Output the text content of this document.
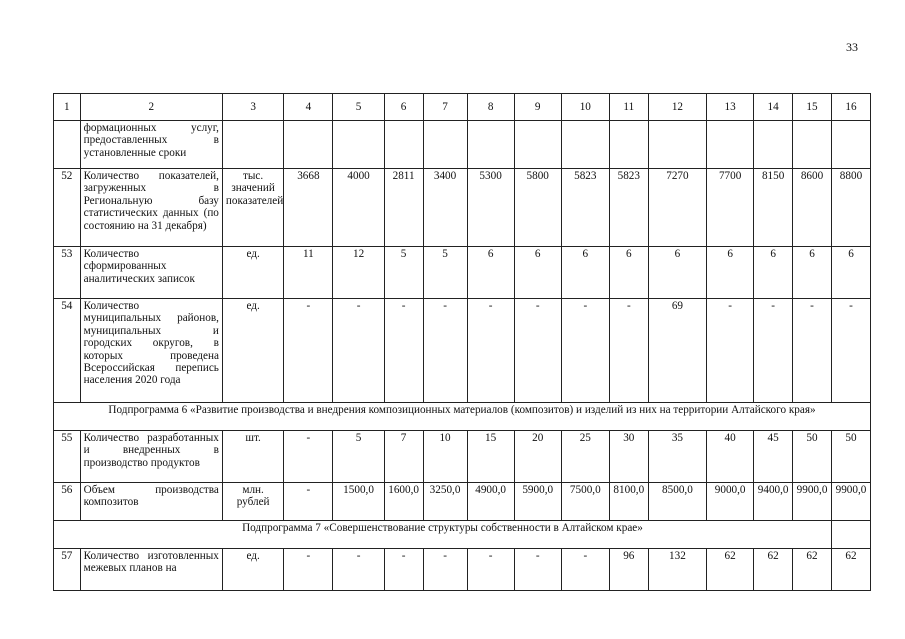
33
1	2	3	4	5	6	7	8	9	10	11	12	13	14	15	16
	формационных услуг, предоставленных в установленные сроки														
52	Количество показателей, загруженных в Региональную базу статистических данных (по состоянию на 31 декабря)	тыс. значений показателей	3668	4000	2811	3400	5300	5800	5823	5823	7270	7700	8150	8600	8800
53	Количество сформированных аналитических записок	ед.	11	12	5	5	6	6	6	6	6	6	6	6	6
54	Количество муниципальных районов, муниципальных и городских округов, в которых проведена Всероссийская перепись населения 2020 года	ед.	-	-	-	-	-	-	-	-	69	-	-	-	-
Подпрограмма 6 «Развитие производства и внедрения композиционных материалов (композитов) и изделий из них на территории Алтайского края»															
55	Количество разработанных и внедренных в производство продуктов	шт.	-	5	7	10	15	20	25	30	35	40	45	50	50
56	Объем производства композитов	млн. рублей	-	1500,0	1600,0	3250,0	4900,0	5900,0	7500,0	8100,0	8500,0	9000,0	9400,0	9900,0	9900,0
Подпрограмма 7 «Совершенствование структуры собственности в Алтайском крае»															
57	Количество изготовленных межевых планов на	ед.	-	-	-	-	-	-	-	96	132	62	62	62	62
